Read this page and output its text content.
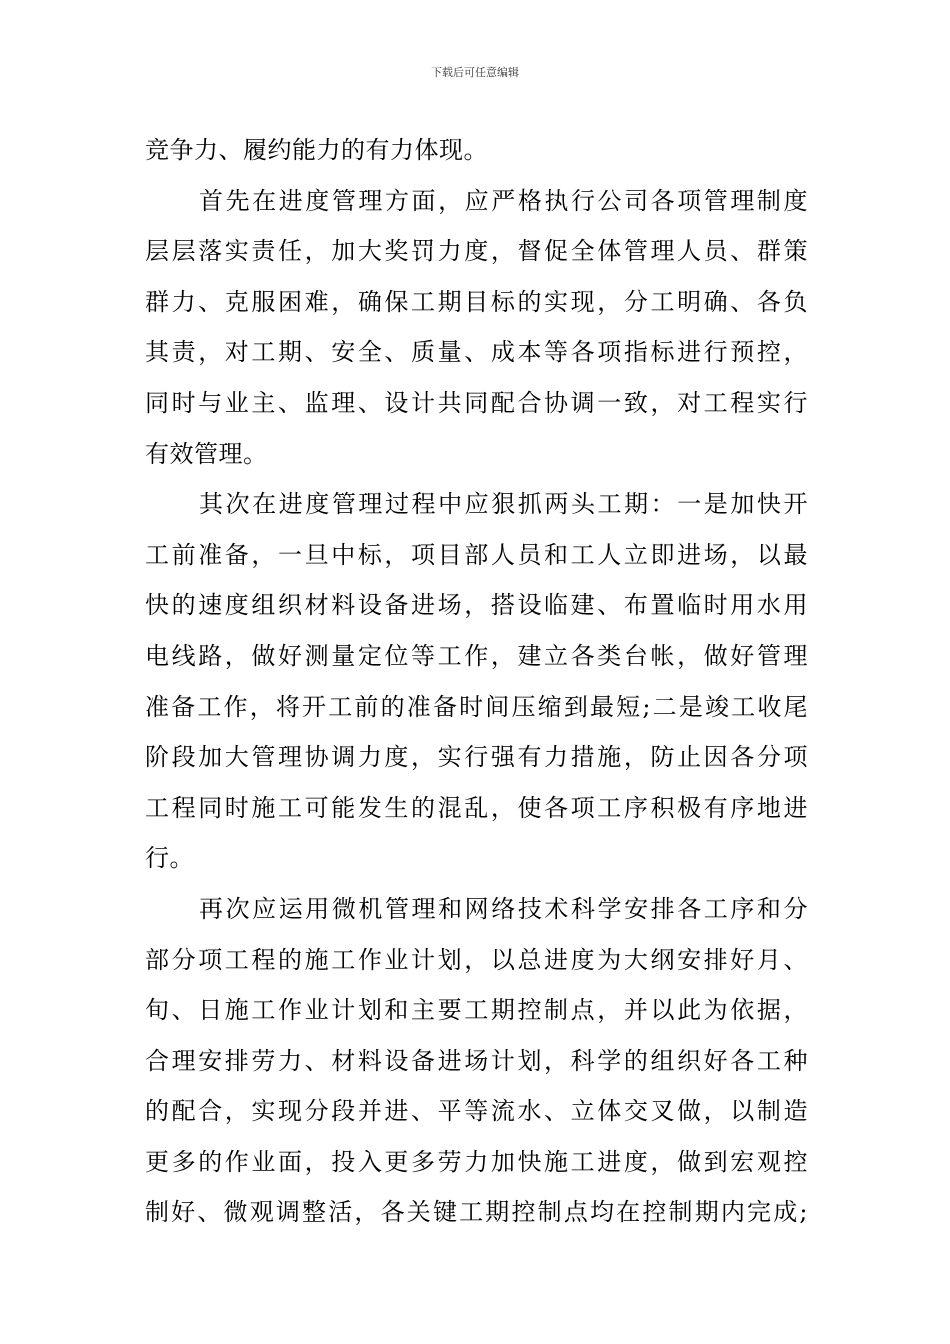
下载后可任意编辑
竞争力、履约能力的有力体现。
首先在进度管理方面，应严格执行公司各项管理制度
层层落实责任，加大奖罚力度，督促全体管理人员、群策
群力、克服困难，确保工期目标的实现，分工明确、各负
其责，对工期、安全、质量、成本等各项指标进行预控，
同时与业主、监理、设计共同配合协调一致，对工程实行
有效管理。
其次在进度管理过程中应狠抓两头工期：一是加快开
工前准备，一旦中标，项目部人员和工人立即进场，以最
快的速度组织材料设备进场，搭设临建、布置临时用水用
电线路，做好测量定位等工作，建立各类台帐，做好管理
准备工作，将开工前的准备时间压缩到最短;二是竣工收尾
阶段加大管理协调力度，实行强有力措施，防止因各分项
工程同时施工可能发生的混乱，使各项工序积极有序地进
行。
再次应运用微机管理和网络技术科学安排各工序和分
部分项工程的施工作业计划，以总进度为大纲安排好月、
旬、日施工作业计划和主要工期控制点，并以此为依据，
合理安排劳力、材料设备进场计划，科学的组织好各工种
的配合，实现分段并进、平等流水、立体交叉做，以制造
更多的作业面，投入更多劳力加快施工进度，做到宏观控
制好、微观调整活，各关键工期控制点均在控制期内完成;
